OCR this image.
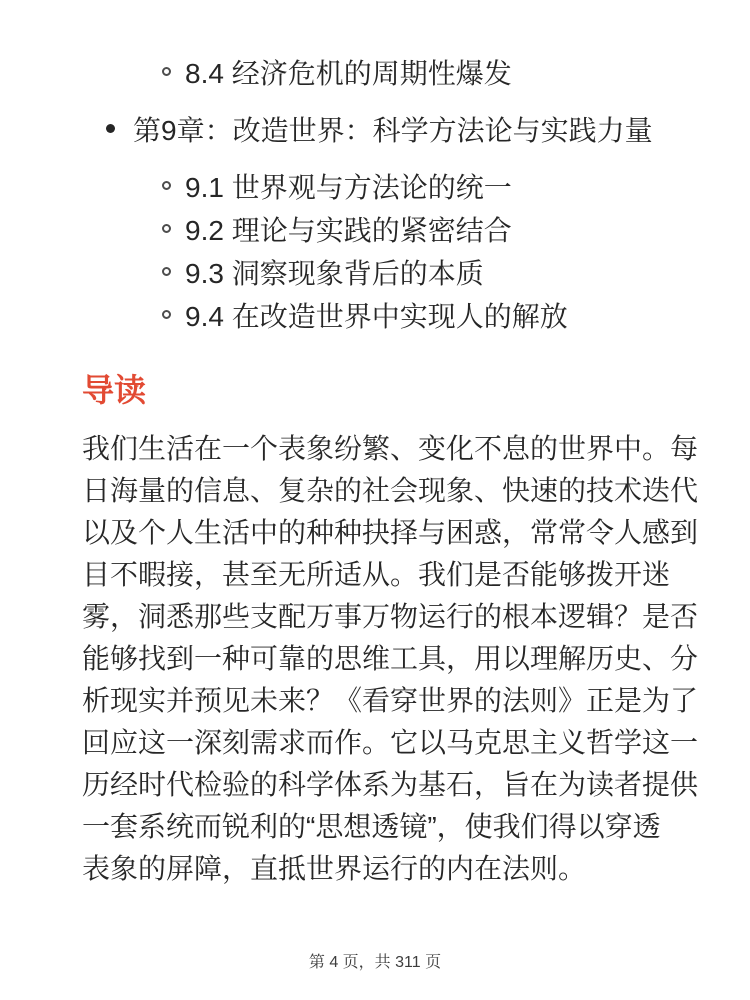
8.4 经济危机的周期性爆发
第9章：改造世界：科学方法论与实践力量
9.1 世界观与方法论的统一
9.2 理论与实践的紧密结合
9.3 洞察现象背后的本质
9.4 在改造世界中实现人的解放
导读
我们生活在一个表象纷繁、变化不息的世界中。每
日海量的信息、复杂的社会现象、快速的技术迭代
以及个人生活中的种种抉择与困惑，常常令人感到
目不暇接，甚至无所适从。我们是否能够拨开迷
雾，洞悉那些支配万事万物运行的根本逻辑？是否
能够找到一种可靠的思维工具，用以理解历史、分
析现实并预见未来？《看穿世界的法则》正是为了
回应这一深刻需求而作。它以马克思主义哲学这一
历经时代检验的科学体系为基石，旨在为读者提供
一套系统而锐利的“思想透镜”，使我们得以穿透
表象的屏障，直抵世界运行的内在法则。
第 4 页，共 311 页
